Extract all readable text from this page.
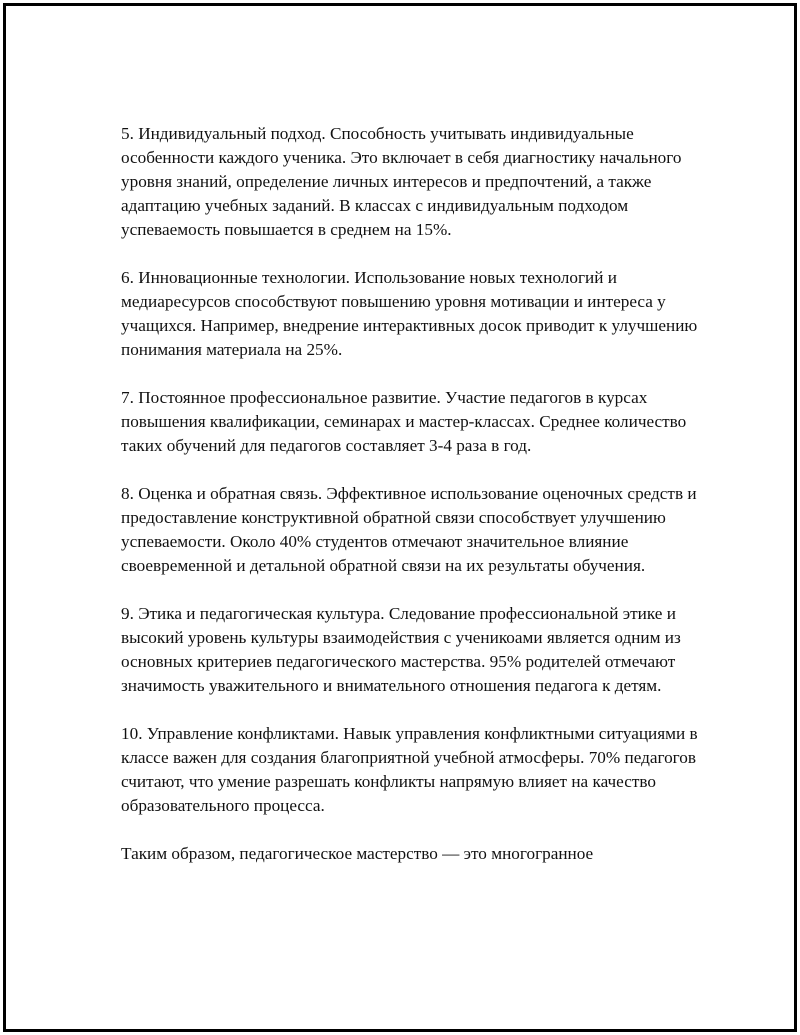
5. Индивидуальный подход. Способность учитывать индивидуальные особенности каждого ученика. Это включает в себя диагностику начального уровня знаний, определение личных интересов и предпочтений, а также адаптацию учебных заданий. В классах с индивидуальным подходом успеваемость повышается в среднем на 15%.

6. Инновационные технологии. Использование новых технологий и медиаресурсов способствуют повышению уровня мотивации и интереса у учащихся. Например, внедрение интерактивных досок приводит к улучшению понимания материала на 25%.

7. Постоянное профессиональное развитие. Участие педагогов в курсах повышения квалификации, семинарах и мастер-классах. Среднее количество таких обучений для педагогов составляет 3-4 раза в год.

8. Оценка и обратная связь. Эффективное использование оценочных средств и предоставление конструктивной обратной связи способствует улучшению успеваемости. Около 40% студентов отмечают значительное влияние своевременной и детальной обратной связи на их результаты обучения.

9. Этика и педагогическая культура. Следование профессиональной этике и высокий уровень культуры взаимодействия с ученикоами является одним из основных критериев педагогического мастерства. 95% родителей отмечают значимость уважительного и внимательного отношения педагога к детям.

10. Управление конфликтами. Навык управления конфликтными ситуациями в классе важен для создания благоприятной учебной атмосферы. 70% педагогов считают, что умение разрешать конфликты напрямую влияет на качество образовательного процесса.

Таким образом, педагогическое мастерство — это многогранное
